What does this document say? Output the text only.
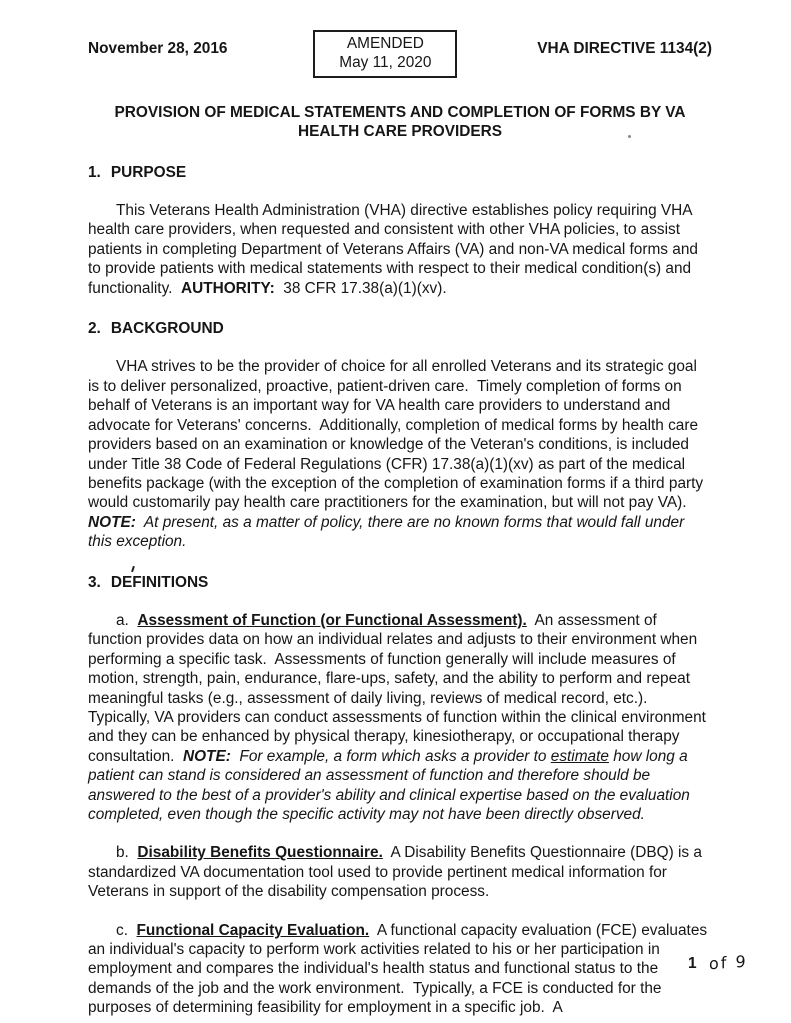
November 28, 2016	AMENDED
May 11, 2020
VHA DIRECTIVE 1134(2)
PROVISION OF MEDICAL STATEMENTS AND COMPLETION OF FORMS BY VA HEALTH CARE PROVIDERS

1. PURPOSE

This Veterans Health Administration (VHA) directive establishes policy requiring VHA health care providers, when requested and consistent with other VHA policies, to assist patients in completing Department of Veterans Affairs (VA) and non-VA medical forms and to provide patients with medical statements with respect to their medical condition(s) and functionality.  AUTHORITY:  38 CFR 17.38(a)(1)(xv).

2. BACKGROUND

VHA strives to be the provider of choice for all enrolled Veterans and its strategic goal is to deliver personalized, proactive, patient-driven care.  Timely completion of forms on behalf of Veterans is an important way for VA health care providers to understand and advocate for Veterans' concerns.  Additionally, completion of medical forms by health care providers based on an examination or knowledge of the Veteran's conditions, is included under Title 38 Code of Federal Regulations (CFR) 17.38(a)(1)(xv) as part of the medical benefits package (with the exception of the completion of examination forms if a third party would customarily pay health care practitioners for the examination, but will not pay VA).  NOTE:  At present, as a matter of policy, there are no known forms that would fall under this exception.

3. DEFINITIONS

a.  Assessment of Function (or Functional Assessment).  An assessment of function provides data on how an individual relates and adjusts to their environment when performing a specific task.  Assessments of function generally will include measures of motion, strength, pain, endurance, flare-ups, safety, and the ability to perform and repeat meaningful tasks (e.g., assessment of daily living, reviews of medical record, etc.).  Typically, VA providers can conduct assessments of function within the clinical environment and they can be enhanced by physical therapy, kinesiotherapy, or occupational therapy consultation.  NOTE:  For example, a form which asks a provider to estimate how long a patient can stand is considered an assessment of function and therefore should be answered to the best of a provider's ability and clinical expertise based on the evaluation completed, even though the specific activity may not have been directly observed.

b.  Disability Benefits Questionnaire.  A Disability Benefits Questionnaire (DBQ) is a standardized VA documentation tool used to provide pertinent medical information for Veterans in support of the disability compensation process.

c.  Functional Capacity Evaluation.  A functional capacity evaluation (FCE) evaluates an individual's capacity to perform work activities related to his or her participation in employment and compares the individual's health status and functional status to the demands of the job and the work environment.  Typically, a FCE is conducted for the purposes of determining feasibility for employment in a specific job.  A

1 of 9
